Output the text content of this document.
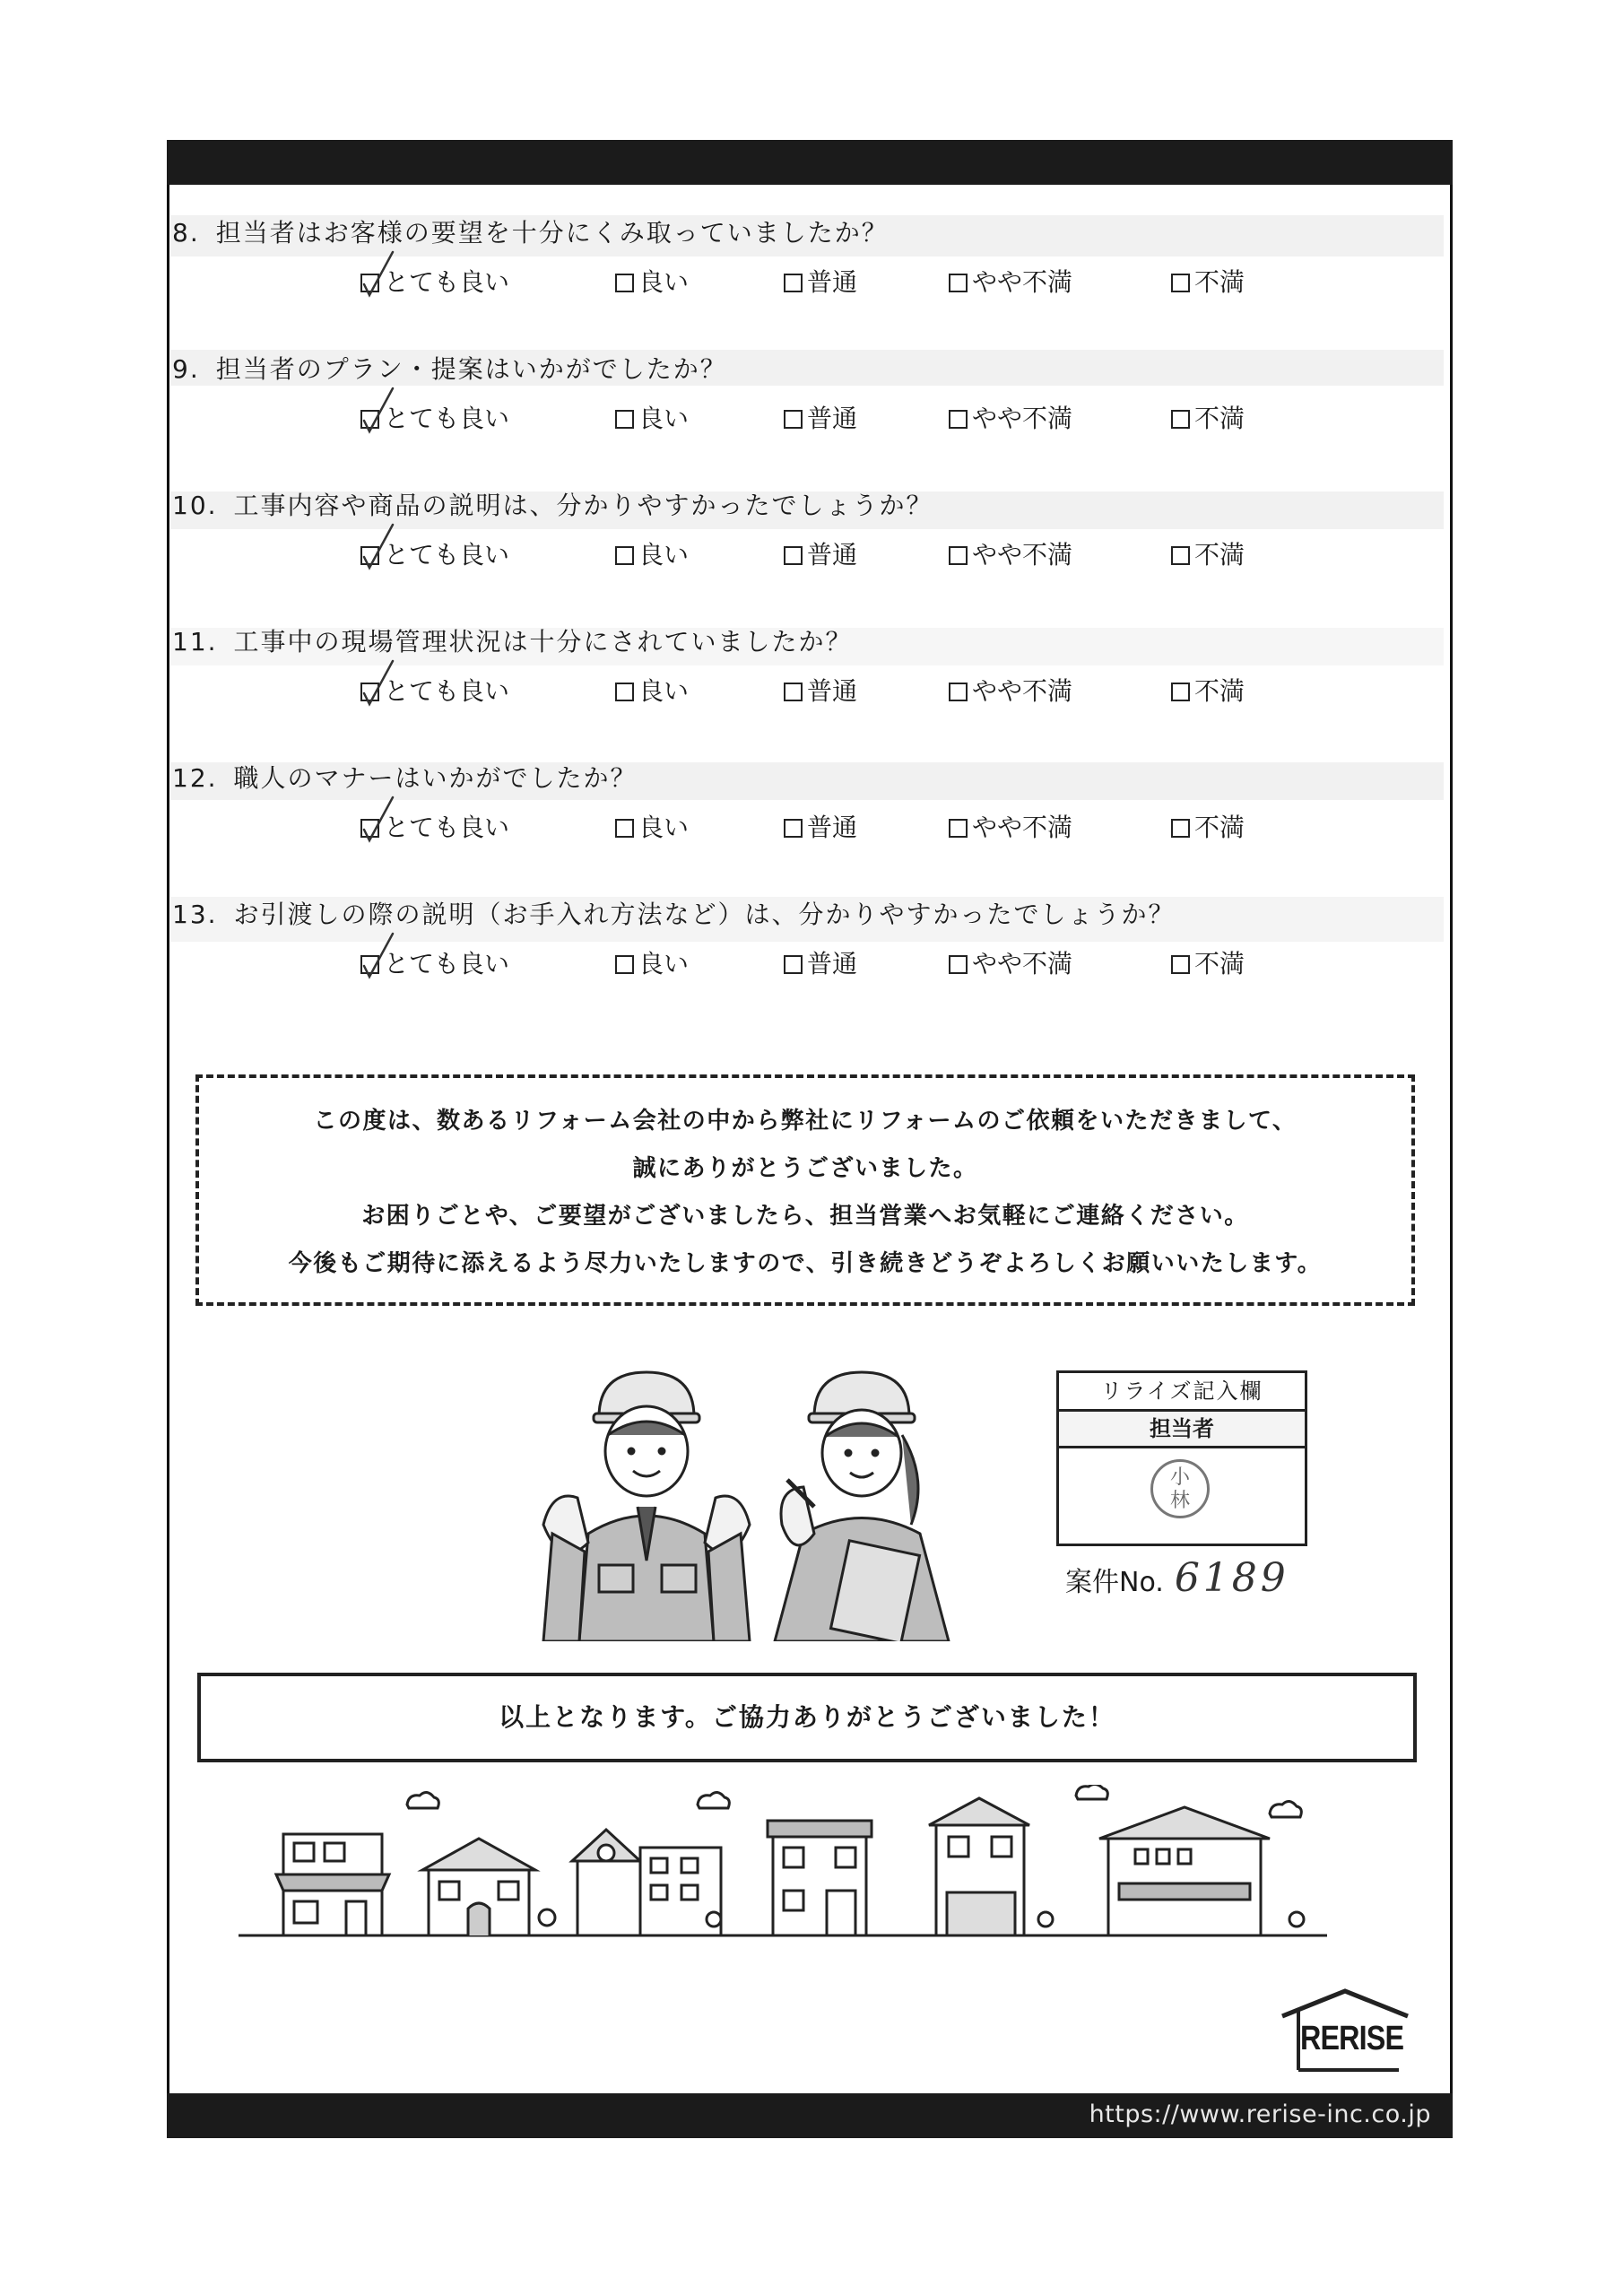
8. 担当者はお客様の要望を十分にくみ取っていましたか？
とても良い	良い	普通	やや不満	不満
9. 担当者のプラン・提案はいかがでしたか？
とても良い	良い	普通	やや不満	不満
10. 工事内容や商品の説明は、分かりやすかったでしょうか？
とても良い	良い	普通	やや不満	不満
11. 工事中の現場管理状況は十分にされていましたか？
とても良い	良い	普通	やや不満	不満
12. 職人のマナーはいかがでしたか？
とても良い	良い	普通	やや不満	不満
13. お引渡しの際の説明（お手入れ方法など）は、分かりやすかったでしょうか？
とても良い	良い	普通	やや不満	不満

この度は、数あるリフォーム会社の中から弊社にリフォームのご依頼をいただきまして、

誠にありがとうございました。

お困りごとや、ご要望がございましたら、担当営業へお気軽にご連絡ください。

今後もご期待に添えるよう尽力いたしますので、引き続きどうぞよろしくお願いいたします。

リライズ記入欄
担当者
小
林
案件No. 6189
以上となります。ご協力ありがとうございました！
RERISE
https://www.rerise-inc.co.jp
